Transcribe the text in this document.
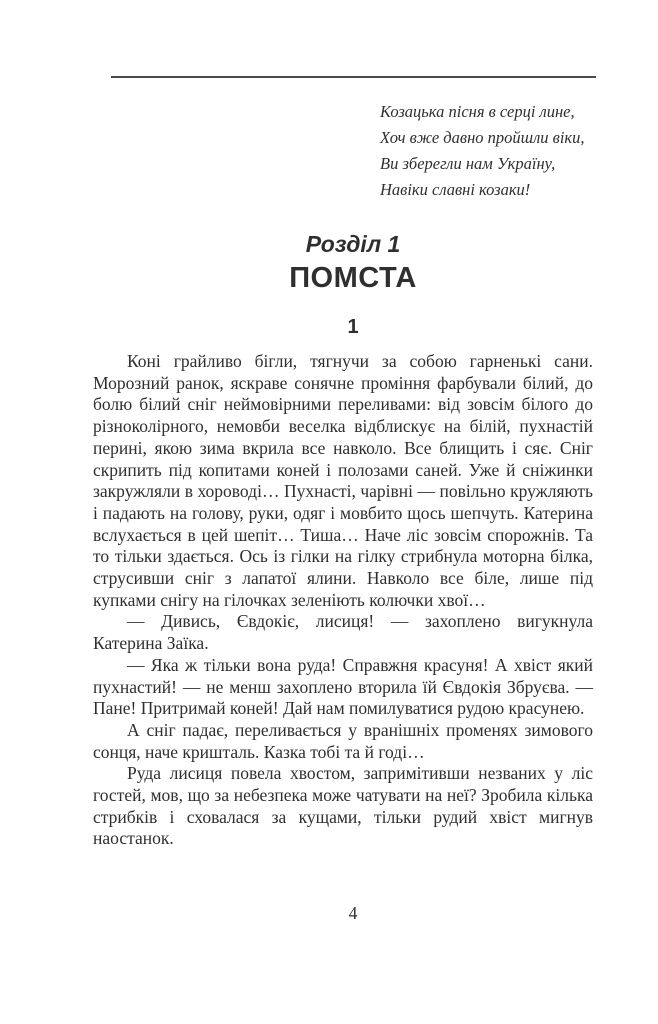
Козацька пісня в серці лине,
Хоч вже давно пройшли віки,
Ви зберегли нам Україну,
Навіки славні козаки!
Розділ 1
ПОМСТА
1

Коні грайливо бігли, тягнучи за собою гарненькі сани. Морозний ранок, яскраве сонячне проміння фарбували білий, до болю білий сніг неймовірними переливами: від зовсім білого до різноколірного, немовби веселка відблискує на білій, пухнастій перині, якою зима вкрила все навколо. Все блищить і сяє. Сніг скрипить під копитами коней і полозами саней. Уже й сніжинки закружляли в хороводі… Пухнасті, чарівні — повільно кружляють і падають на голову, руки, одяг і мовбито щось шепчуть. Катерина вслухається в цей шепіт… Тиша… Наче ліс зовсім спорожнів. Та то тільки здається. Ось із гілки на гілку стрибнула моторна білка, струсивши сніг з лапатої ялини. Навколо все біле, лише під купками снігу на гілочках зеленіють колючки хвої…

— Дивись, Євдокіє, лисиця! — захоплено вигукнула Катерина Заїка.

— Яка ж тільки вона руда! Справжня красуня! А хвіст який пухнастий! — не менш захоплено вторила їй Євдокія Збруєва. — Пане! Притримай коней! Дай нам помилуватися рудою красунею.

А сніг падає, переливається у вранішніх променях зимового сонця, наче кришталь. Казка тобі та й годі…

Руда лисиця повела хвостом, запримітивши незваних у ліс гостей, мов, що за небезпека може чатувати на неї? Зробила кілька стрибків і сховалася за кущами, тільки рудий хвіст мигнув наостанок.

4
